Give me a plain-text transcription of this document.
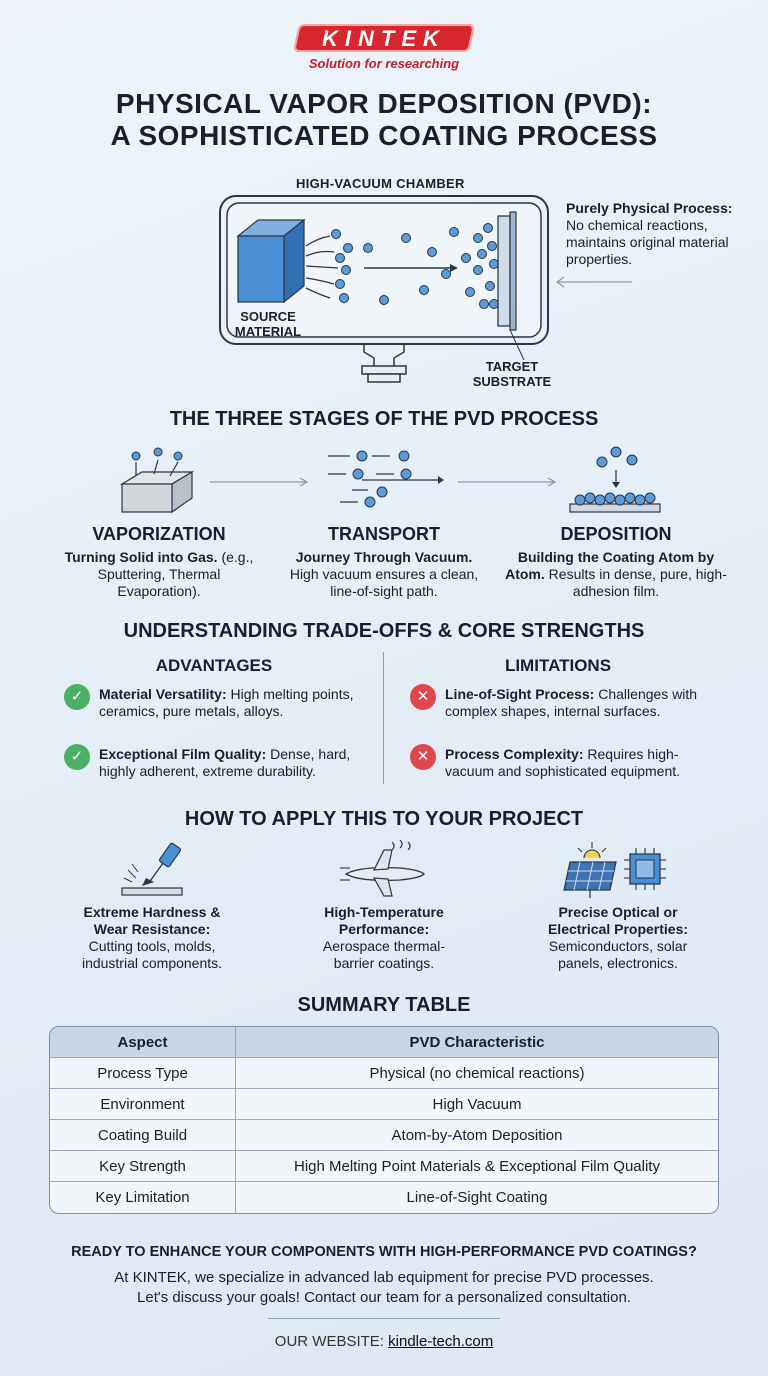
KINTEK
Solution for researching
PHYSICAL VAPOR DEPOSITION (PVD):
A SOPHISTICATED COATING PROCESS
HIGH-VACUUM CHAMBER
SOURCE
MATERIAL
TARGET
SUBSTRATE
Purely Physical Process:
No chemical reactions, maintains original material properties.
THE THREE STAGES OF THE PVD PROCESS
VAPORIZATION
Turning Solid into Gas. (e.g., Sputtering, Thermal Evaporation).
TRANSPORT
Journey Through Vacuum. High vacuum ensures a clean, line-of-sight path.
DEPOSITION
Building the Coating Atom by Atom. Results in dense, pure, high-adhesion film.
UNDERSTANDING TRADE-OFFS & CORE STRENGTHS
ADVANTAGES	LIMITATIONS
✓	Material Versatility: High melting points, ceramics, pure metals, alloys.
✓	Exceptional Film Quality: Dense, hard, highly adherent, extreme durability.
✕	Line-of-Sight Process: Challenges with complex shapes, internal surfaces.
✕	Process Complexity: Requires high-vacuum and sophisticated equipment.
HOW TO APPLY THIS TO YOUR PROJECT
Extreme Hardness &
Wear Resistance:
Cutting tools, molds,
industrial components.
High-Temperature
Performance:
Aerospace thermal-
barrier coatings.
Precise Optical or
Electrical Properties:
Semiconductors, solar
panels, electronics.
SUMMARY TABLE
Aspect	PVD Characteristic
Process Type	Physical (no chemical reactions)
Environment	High Vacuum
Coating Build	Atom-by-Atom Deposition
Key Strength	High Melting Point Materials & Exceptional Film Quality
Key Limitation	Line-of-Sight Coating
READY TO ENHANCE YOUR COMPONENTS WITH HIGH-PERFORMANCE PVD COATINGS?
At KINTEK, we specialize in advanced lab equipment for precise PVD processes.
Let's discuss your goals! Contact our team for a personalized consultation.
OUR WEBSITE: kindle-tech.com
